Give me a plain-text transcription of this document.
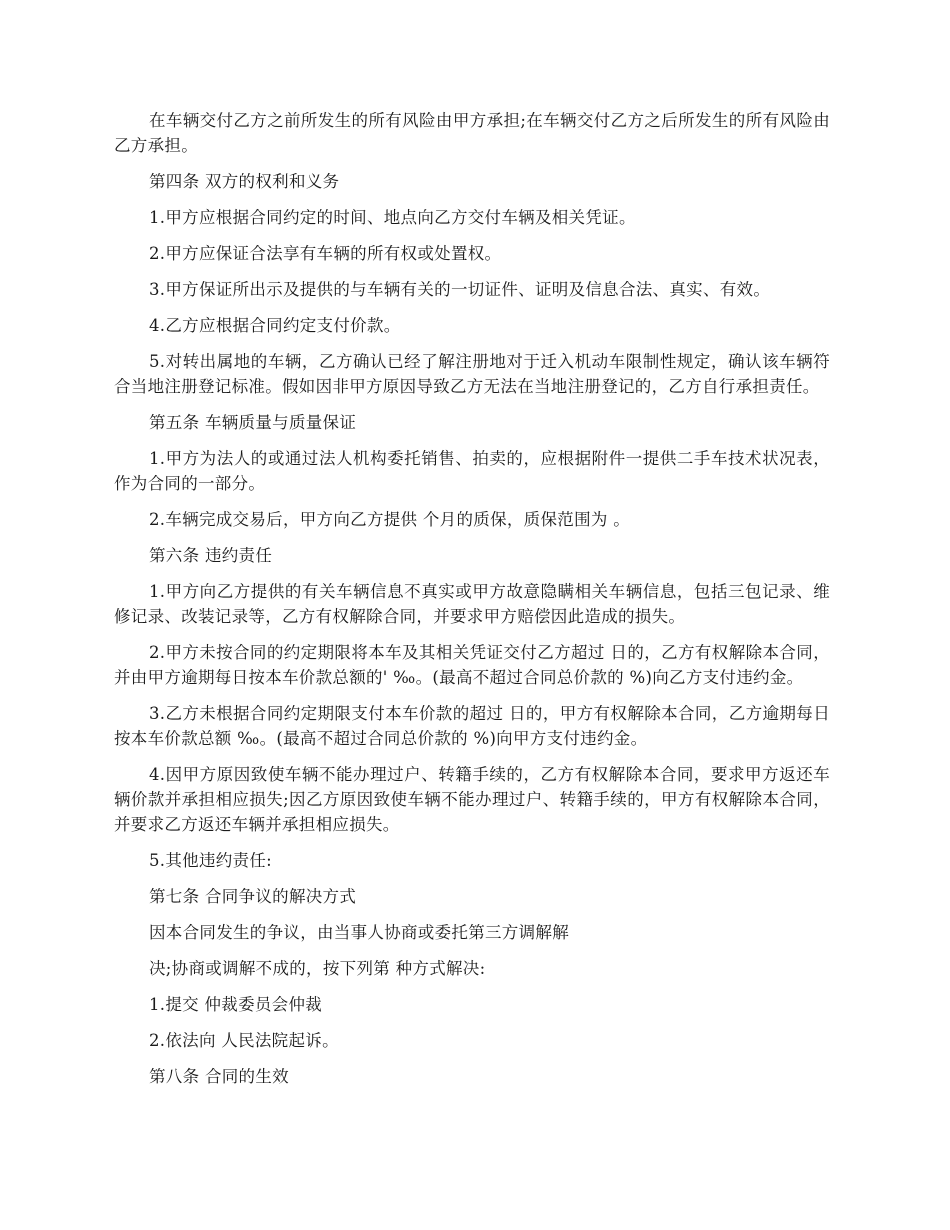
在车辆交付乙方之前所发生的所有风险由甲方承担;在车辆交付乙方之后所发生的所有风险由乙方承担。

第四条 双方的权利和义务

1.甲方应根据合同约定的时间、地点向乙方交付车辆及相关凭证。

2.甲方应保证合法享有车辆的所有权或处置权。

3.甲方保证所出示及提供的与车辆有关的一切证件、证明及信息合法、真实、有效。

4.乙方应根据合同约定支付价款。

5.对转出属地的车辆，乙方确认已经了解注册地对于迁入机动车限制性规定，确认该车辆符合当地注册登记标准。假如因非甲方原因导致乙方无法在当地注册登记的，乙方自行承担责任。

第五条 车辆质量与质量保证

1.甲方为法人的或通过法人机构委托销售、拍卖的，应根据附件一提供二手车技术状况表，作为合同的一部分。

2.车辆完成交易后，甲方向乙方提供 个月的质保，质保范围为 。

第六条 违约责任

1.甲方向乙方提供的有关车辆信息不真实或甲方故意隐瞒相关车辆信息，包括三包记录、维修记录、改装记录等，乙方有权解除合同，并要求甲方赔偿因此造成的损失。

2.甲方未按合同的约定期限将本车及其相关凭证交付乙方超过 日的，乙方有权解除本合同，并由甲方逾期每日按本车价款总额的' ‰。(最高不超过合同总价款的 %)向乙方支付违约金。

3.乙方未根据合同约定期限支付本车价款的超过 日的，甲方有权解除本合同，乙方逾期每日按本车价款总额 ‰。(最高不超过合同总价款的 %)向甲方支付违约金。

4.因甲方原因致使车辆不能办理过户、转籍手续的，乙方有权解除本合同，要求甲方返还车辆价款并承担相应损失;因乙方原因致使车辆不能办理过户、转籍手续的，甲方有权解除本合同，并要求乙方返还车辆并承担相应损失。

5.其他违约责任:

第七条 合同争议的解决方式

因本合同发生的争议，由当事人协商或委托第三方调解解

决;协商或调解不成的，按下列第 种方式解决:

1.提交 仲裁委员会仲裁

2.依法向 人民法院起诉。

第八条 合同的生效
